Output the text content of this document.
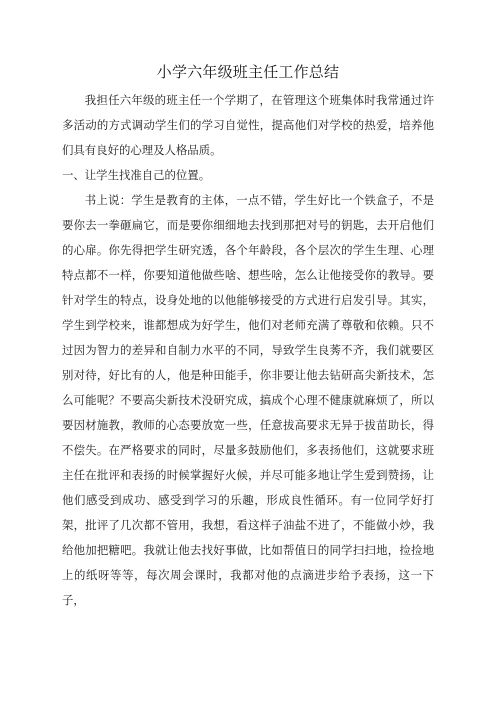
小学六年级班主任工作总结

我担任六年级的班主任一个学期了，在管理这个班集体时我常通过许多活动的方式调动学生们的学习自觉性，提高他们对学校的热爱，培养他们具有良好的心理及人格品质。

一、让学生找准自己的位置。

书上说：学生是教育的主体，一点不错，学生好比一个铁盒子，不是要你去一拳砸扁它，而是要你细细地去找到那把对号的钥匙，去开启他们的心扉。你先得把学生研究透，各个年龄段，各个层次的学生生理、心理特点都不一样，你要知道他做些啥、想些啥，怎么让他接受你的教导。要针对学生的特点，设身处地的以他能够接受的方式进行启发引导。其实，学生到学校来，谁都想成为好学生，他们对老师充满了尊敬和依赖。只不过因为智力的差异和自制力水平的不同，导致学生良莠不齐，我们就要区别对待，好比有的人，他是种田能手，你非要让他去钻研高尖新技术，怎么可能呢？不要高尖新技术没研究成，搞成个心理不健康就麻烦了，所以要因材施教，教师的心态要放宽一些，任意拔高要求无异于拔苗助长，得不偿失。在严格要求的同时，尽量多鼓励他们，多表扬他们，这就要求班主任在批评和表扬的时候掌握好火候，并尽可能多地让学生爱到赞扬，让他们感受到成功、感受到学习的乐趣，形成良性循环。有一位同学好打架，批评了几次都不管用，我想，看这样子油盐不进了，不能做小炒，我给他加把糖吧。我就让他去找好事做，比如帮值日的同学扫扫地，捡捡地上的纸呀等等，每次周会课时，我都对他的点滴进步给予表扬，这一下子，
